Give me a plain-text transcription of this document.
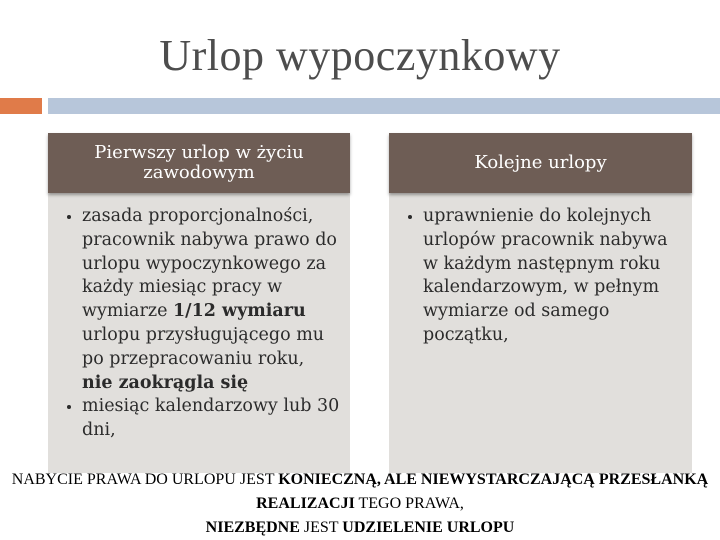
Urlop wypoczynkowy
Pierwszy urlop w życiu
zawodowym
• zasada proporcjonalności, pracownik nabywa prawo do urlopu wypoczynkowego za każdy miesiąc pracy w wymiarze 1/12 wymiaru urlopu przysługującego mu po przepracowaniu roku, nie zaokrągla się
• miesiąc kalendarzowy lub 30 dni,
Kolejne urlopy
• uprawnienie do kolejnych urlopów pracownik nabywa w każdym następnym roku kalendarzowym, w pełnym wymiarze od samego początku,
NABYCIE PRAWA DO URLOPU JEST KONIECZNĄ, ALE NIEWYSTARCZAJĄCĄ PRZESŁANKĄ REALIZACJI TEGO PRAWA,
NIEZBĘDNE JEST UDZIELENIE URLOPU
